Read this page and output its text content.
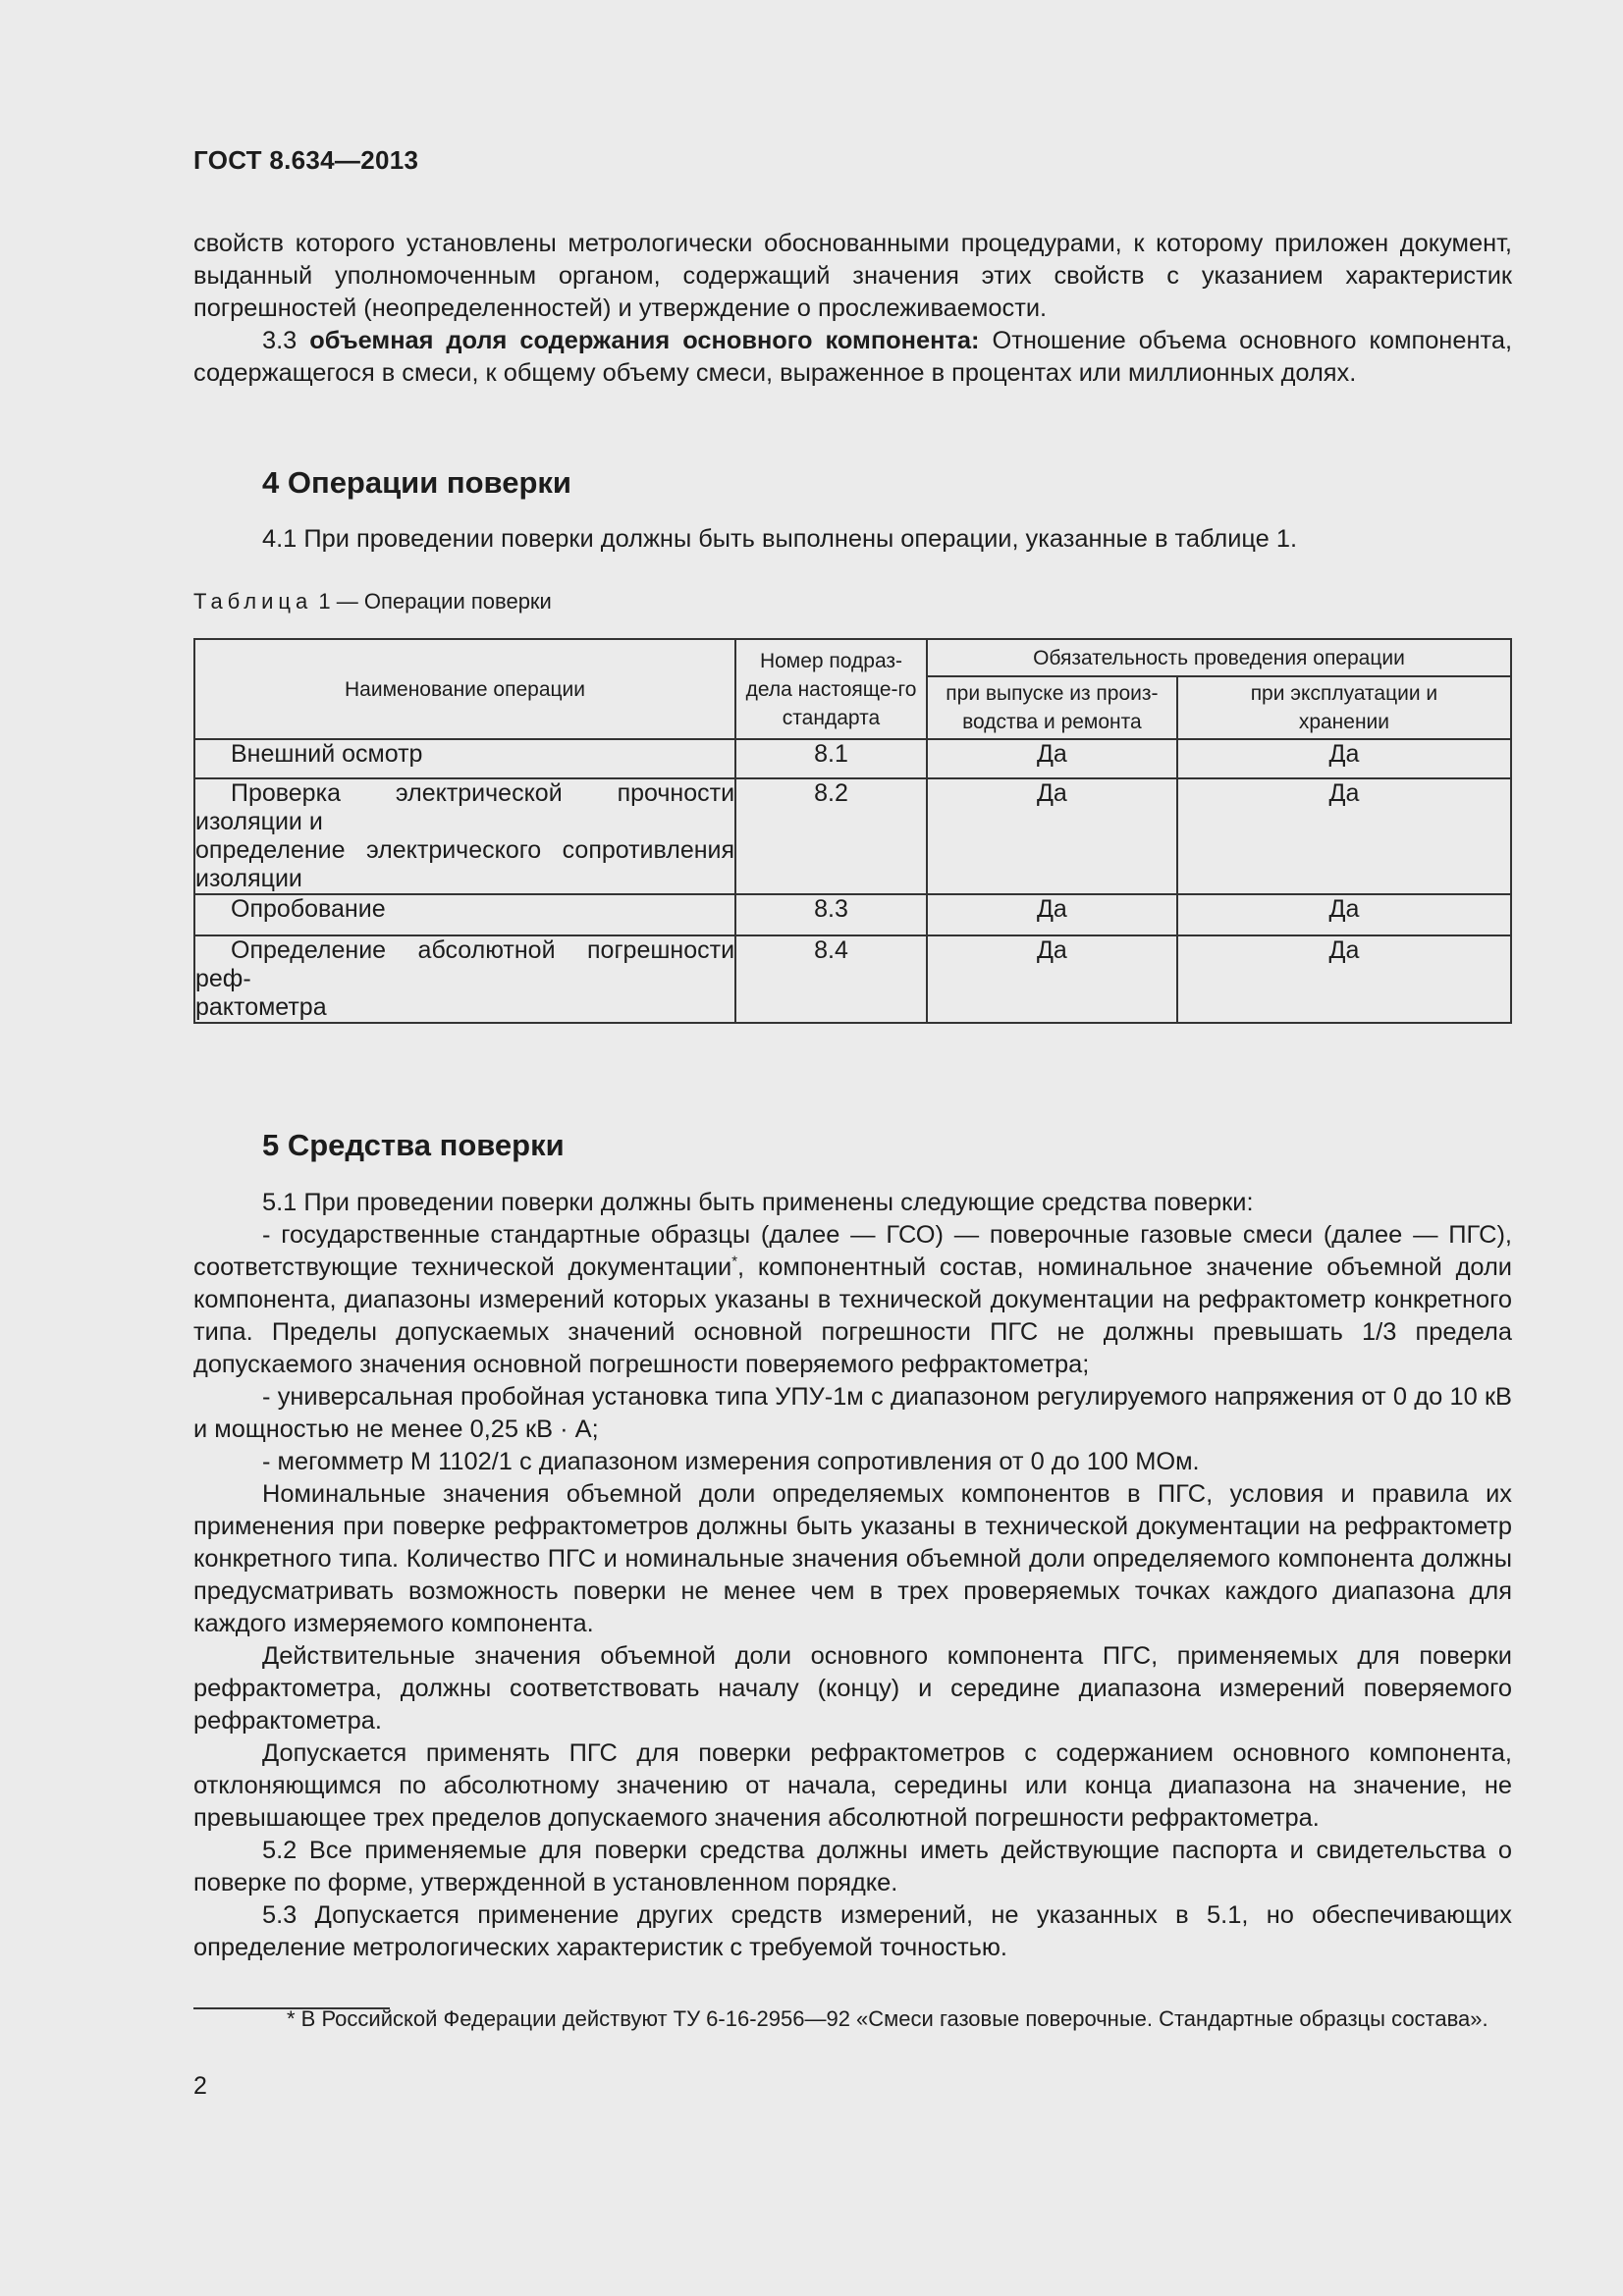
ГОСТ 8.634—2013

свойств которого установлены метрологически обоснованными процедурами, к которому приложен документ, выданный уполномоченным органом, содержащий значения этих свойств с указанием характеристик погрешностей (неопределенностей) и утверждение о прослеживаемости.

3.3 объемная доля содержания основного компонента: Отношение объема основного компонента, содержащегося в смеси, к общему объему смеси, выраженное в процентах или миллионных долях.

4 Операции поверки

4.1 При проведении поверки должны быть выполнены операции, указанные в таблице 1.

Таблица 1 — Операции поверки
Наименование операции	Номер подраз-дела настояще-го стандарта	Обязательность проведения операции	
		при выпуске из произ-водства и ремонта	при эксплуатации и хранении

Внешний осмотр	8.1	Да	Да

Проверка электрической прочности изоляции и
определение электрического сопротивления изоляции	8.2	Да	Да

Опробование	8.3	Да	Да

Определение абсолютной погрешности реф-
рактометра	8.4	Да	Да
5 Средства поверки

5.1 При проведении поверки должны быть применены следующие средства поверки:

- государственные стандартные образцы (далее — ГСО) — поверочные газовые смеси (далее — ПГС), соответствующие технической документации*, компонентный состав, номинальное значение объемной доли компонента, диапазоны измерений которых указаны в технической документации на рефрактометр конкретного типа. Пределы допускаемых значений основной погрешности ПГС не должны превышать 1/3 предела допускаемого значения основной погрешности поверяемого рефрактометра;

- универсальная пробойная установка типа УПУ-1м с диапазоном регулируемого напряжения от 0 до 10 кВ и мощностью не менее 0,25 кВ · А;

- мегомметр М 1102/1 с диапазоном измерения сопротивления от 0 до 100 МОм.

Номинальные значения объемной доли определяемых компонентов в ПГС, условия и правила их применения при поверке рефрактометров должны быть указаны в технической документации на рефрактометр конкретного типа. Количество ПГС и номинальные значения объемной доли определяемого компонента должны предусматривать возможность поверки не менее чем в трех проверяемых точках каждого диапазона для каждого измеряемого компонента.

Действительные значения объемной доли основного компонента ПГС, применяемых для поверки рефрактометра, должны соответствовать началу (концу) и середине диапазона измерений поверяемого рефрактометра.

Допускается применять ПГС для поверки рефрактометров с содержанием основного компонента, отклоняющимся по абсолютному значению от начала, середины или конца диапазона на значение, не превышающее трех пределов допускаемого значения абсолютной погрешности рефрактометра.

5.2 Все применяемые для поверки средства должны иметь действующие паспорта и свидетельства о поверке по форме, утвержденной в установленном порядке.

5.3 Допускается применение других средств измерений, не указанных в 5.1, но обеспечивающих определение метрологических характеристик с требуемой точностью.

* В Российской Федерации действуют ТУ 6-16-2956—92 «Смеси газовые поверочные. Стандартные образцы состава».
2
